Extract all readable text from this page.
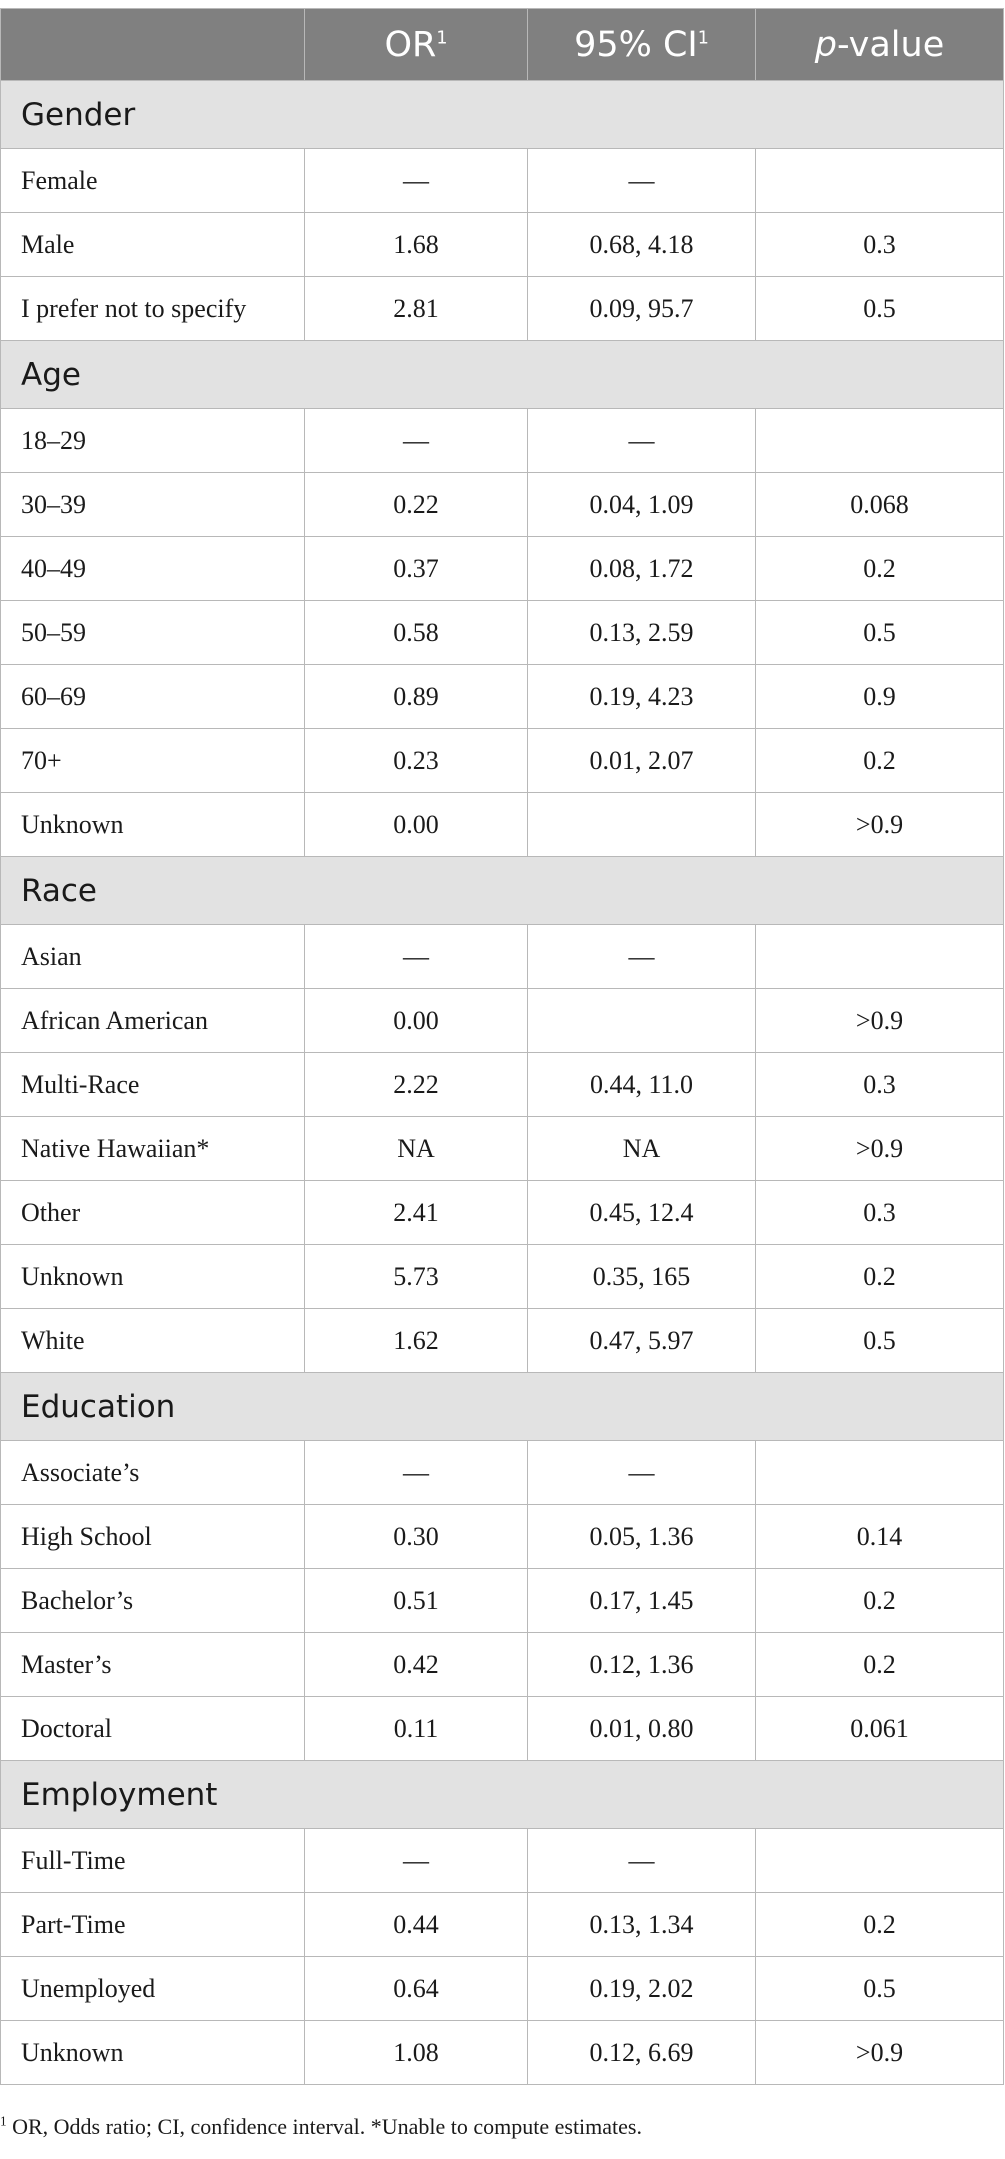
	$OR^1$	95% $CI^1$	p-value
Gender			
Female	—	—	
Male	1.68	0.68, 4.18	0.3
I prefer not to specify	2.81	0.09, 95.7	0.5
Age			
18–29	—	—	
30–39	0.22	0.04, 1.09	0.068
40–49	0.37	0.08, 1.72	0.2
50–59	0.58	0.13, 2.59	0.5
60–69	0.89	0.19, 4.23	0.9
70+	0.23	0.01, 2.07	0.2
Unknown	0.00		>0.9
Race			
Asian	—	—	
African American	0.00		>0.9
Multi-Race	2.22	0.44, 11.0	0.3
Native Hawaiian*	NA	NA	>0.9
Other	2.41	0.45, 12.4	0.3
Unknown	5.73	0.35, 165	0.2
White	1.62	0.47, 5.97	0.5
Education			
Associate’s	—	—	
High School	0.30	0.05, 1.36	0.14
Bachelor’s	0.51	0.17, 1.45	0.2
Master’s	0.42	0.12, 1.36	0.2
Doctoral	0.11	0.01, 0.80	0.061
Employment			
Full-Time	—	—	
Part-Time	0.44	0.13, 1.34	0.2
Unemployed	0.64	0.19, 2.02	0.5
Unknown	1.08	0.12, 6.69	>0.9
$^1$ OR, Odds ratio; CI, confidence interval. *Unable to compute estimates.
